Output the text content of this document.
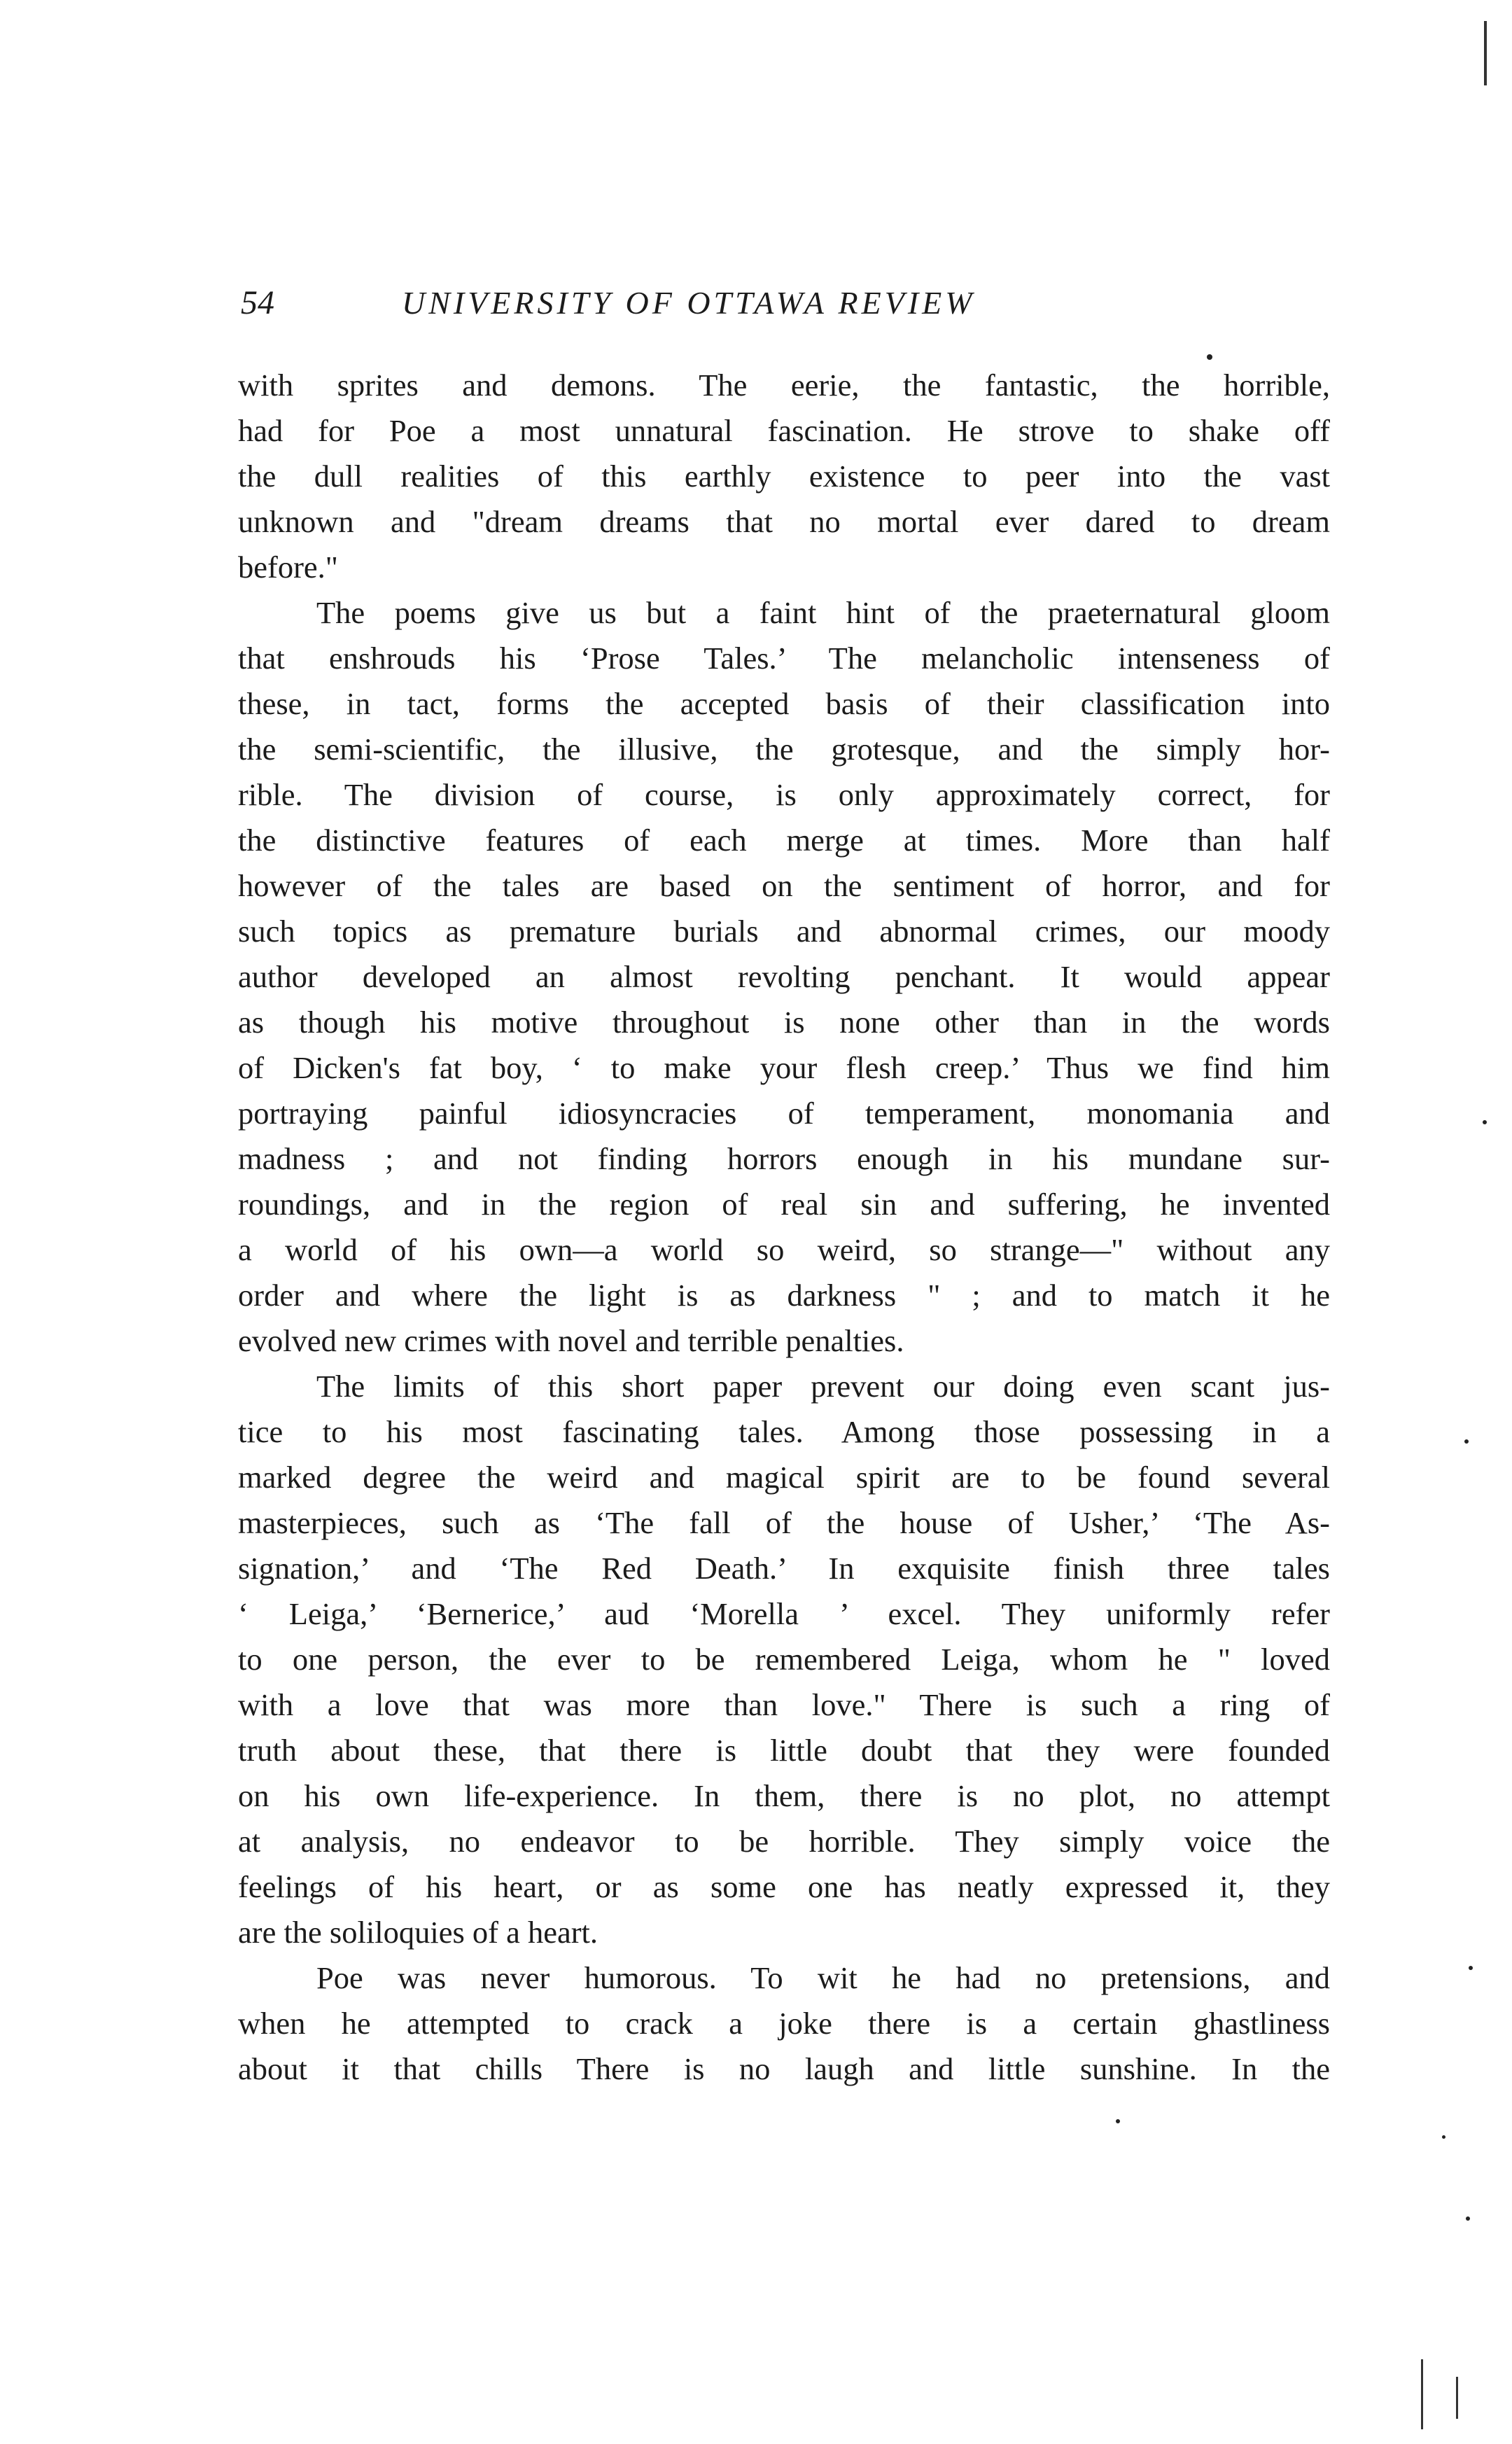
54	UNIVERSITY OF OTTAWA REVIEW
with sprites and demons. The eerie, the fantastic, the horrible,
had for Poe a most unnatural fascination. He strove to shake off
the dull realities of this earthly existence to peer into the vast
unknown and "dream dreams that no mortal ever dared to dream
before."
The poems give us but a faint hint of the praeternatural gloom
that enshrouds his ‘Prose Tales.’ The melancholic intenseness of
these, in tact, forms the accepted basis of their classification into
the semi-scientific, the illusive, the grotesque, and the simply hor-
rible. The division of course, is only approximately correct, for
the distinctive features of each merge at times. More than half
however of the tales are based on the sentiment of horror, and for
such topics as premature burials and abnormal crimes, our moody
author developed an almost revolting penchant. It would appear
as though his motive throughout is none other than in the words
of Dicken's fat boy, ‘ to make your flesh creep.’ Thus we find him
portraying painful idiosyncracies of temperament, monomania and
madness ; and not finding horrors enough in his mundane sur-
roundings, and in the region of real sin and suffering, he invented
a world of his own—a world so weird, so strange—" without any
order and where the light is as darkness " ; and to match it he
evolved new crimes with novel and terrible penalties.
The limits of this short paper prevent our doing even scant jus-
tice to his most fascinating tales. Among those possessing in a
marked degree the weird and magical spirit are to be found several
masterpieces, such as ‘The fall of the house of Usher,’ ‘The As-
signation,’ and ‘The Red Death.’ In exquisite finish three tales
‘ Leiga,’ ‘Bernerice,’ aud ‘Morella ’ excel. They uniformly refer
to one person, the ever to be remembered Leiga, whom he " loved
with a love that was more than love." There is such a ring of
truth about these, that there is little doubt that they were founded
on his own life-experience. In them, there is no plot, no attempt
at analysis, no endeavor to be horrible. They simply voice the
feelings of his heart, or as some one has neatly expressed it, they
are the soliloquies of a heart.
Poe was never humorous. To wit he had no pretensions, and
when he attempted to crack a joke there is a certain ghastliness
about it that chills There is no laugh and little sunshine. In the
